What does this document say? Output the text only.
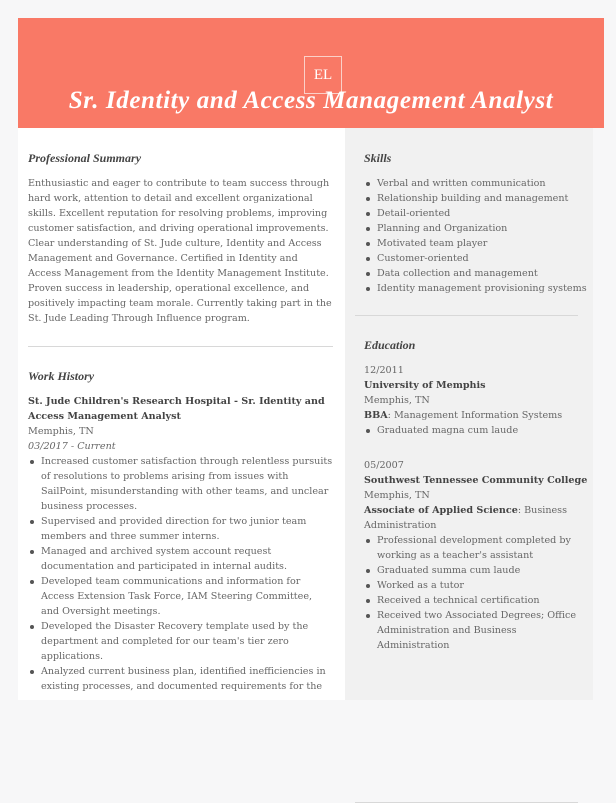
EL
Sr. Identity and Access Management Analyst
Professional Summary
Enthusiastic and eager to contribute to team success through hard work, attention to detail and excellent organizational skills. Excellent reputation for resolving problems, improving customer satisfaction, and driving operational improvements. Clear understanding of St. Jude culture, Identity and Access Management and Governance. Certified in Identity and Access Management from the Identity Management Institute. Proven success in leadership, operational excellence, and positively impacting team morale. Currently taking part in the St. Jude Leading Through Influence program.
Work History
St. Jude Children's Research Hospital - Sr. Identity and Access Management Analyst
Memphis, TN
03/2017 - Current
Increased customer satisfaction through relentless pursuits of resolutions to problems arising from issues with SailPoint, misunderstanding with other teams, and unclear business processes.
Supervised and provided direction for two junior team members and three summer interns.
Managed and archived system account request documentation and participated in internal audits.
Developed team communications and information for Access Extension Task Force, IAM Steering Committee, and Oversight meetings.
Developed the Disaster Recovery template used by the department and completed for our team's tier zero applications.
Analyzed current business plan, identified inefficiencies in existing processes, and documented requirements for the
Skills
Verbal and written communication
Relationship building and management
Detail-oriented
Planning and Organization
Motivated team player
Customer-oriented
Data collection and management
Identity management provisioning systems
Education
12/2011
University of Memphis
Memphis, TN
BBA: Management Information Systems
Graduated magna cum laude
05/2007
Southwest Tennessee Community College
Memphis, TN
Associate of Applied Science: Business Administration
Professional development completed by working as a teacher's assistant
Graduated summa cum laude
Worked as a tutor
Received a technical certification
Received two Associated Degrees; Office Administration and Business Administration
